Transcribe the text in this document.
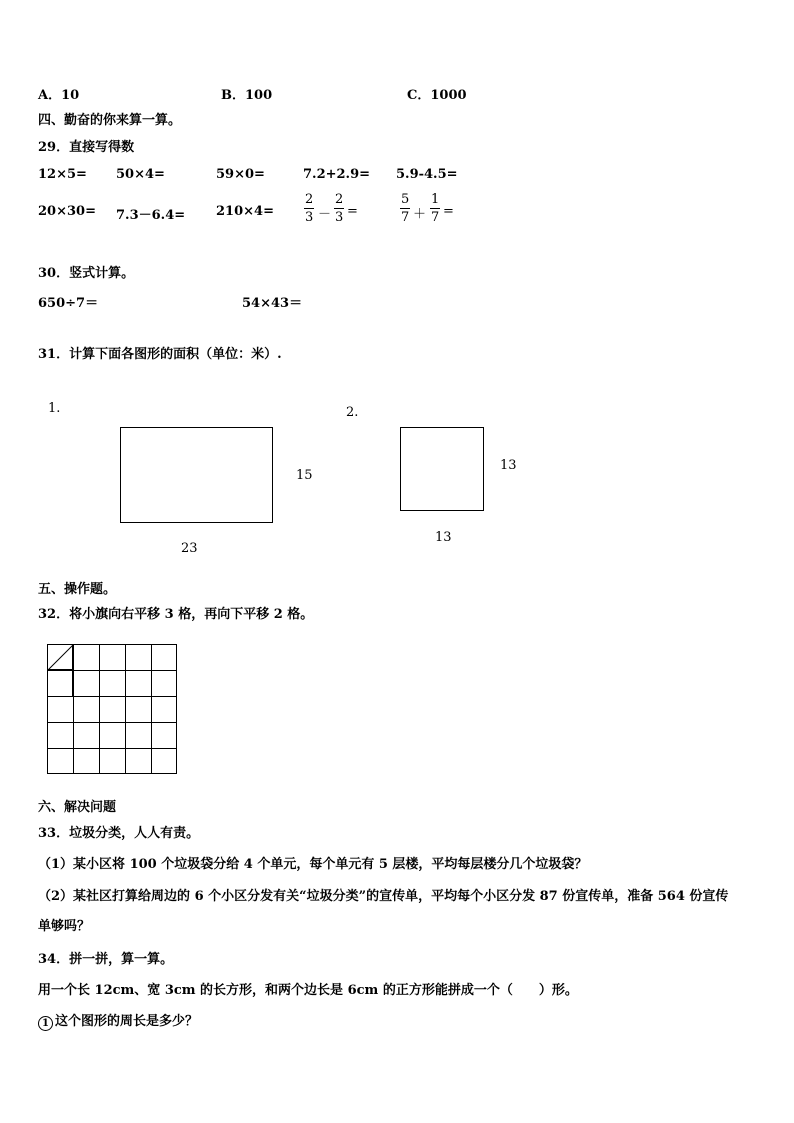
A．10	B．100	C．1000
四、勤奋的你来算一算。
29．直接写得数
12×5= 50×4=	59×0=	7.2+2.9= 5.9-4.5=
20×30= 7.3－6.4= 210×4=
2
3 －
2
3 =
5
7 ＋
1
7 =
30．竖式计算。
650÷7＝	54×43＝
31．计算下面各图形的面积（单位：米）.
1.
15
23
2.
13
13
五、操作题。
32．将小旗向右平移 3 格，再向下平移 2 格。
六、解决问题
33．垃圾分类，人人有责。
（1）某小区将 100 个垃圾袋分给 4 个单元，每个单元有 5 层楼，平均每层楼分几个垃圾袋？
（2）某社区打算给周边的 6 个小区分发有关“垃圾分类”的宣传单，平均每个小区分发 87 份宣传单，准备 564 份宣传
单够吗？
34．拼一拼，算一算。
用一个长 12cm、宽 3cm 的长方形，和两个边长是 6cm 的正方形能拼成一个（　　）形。
1 这个图形的周长是多少？
